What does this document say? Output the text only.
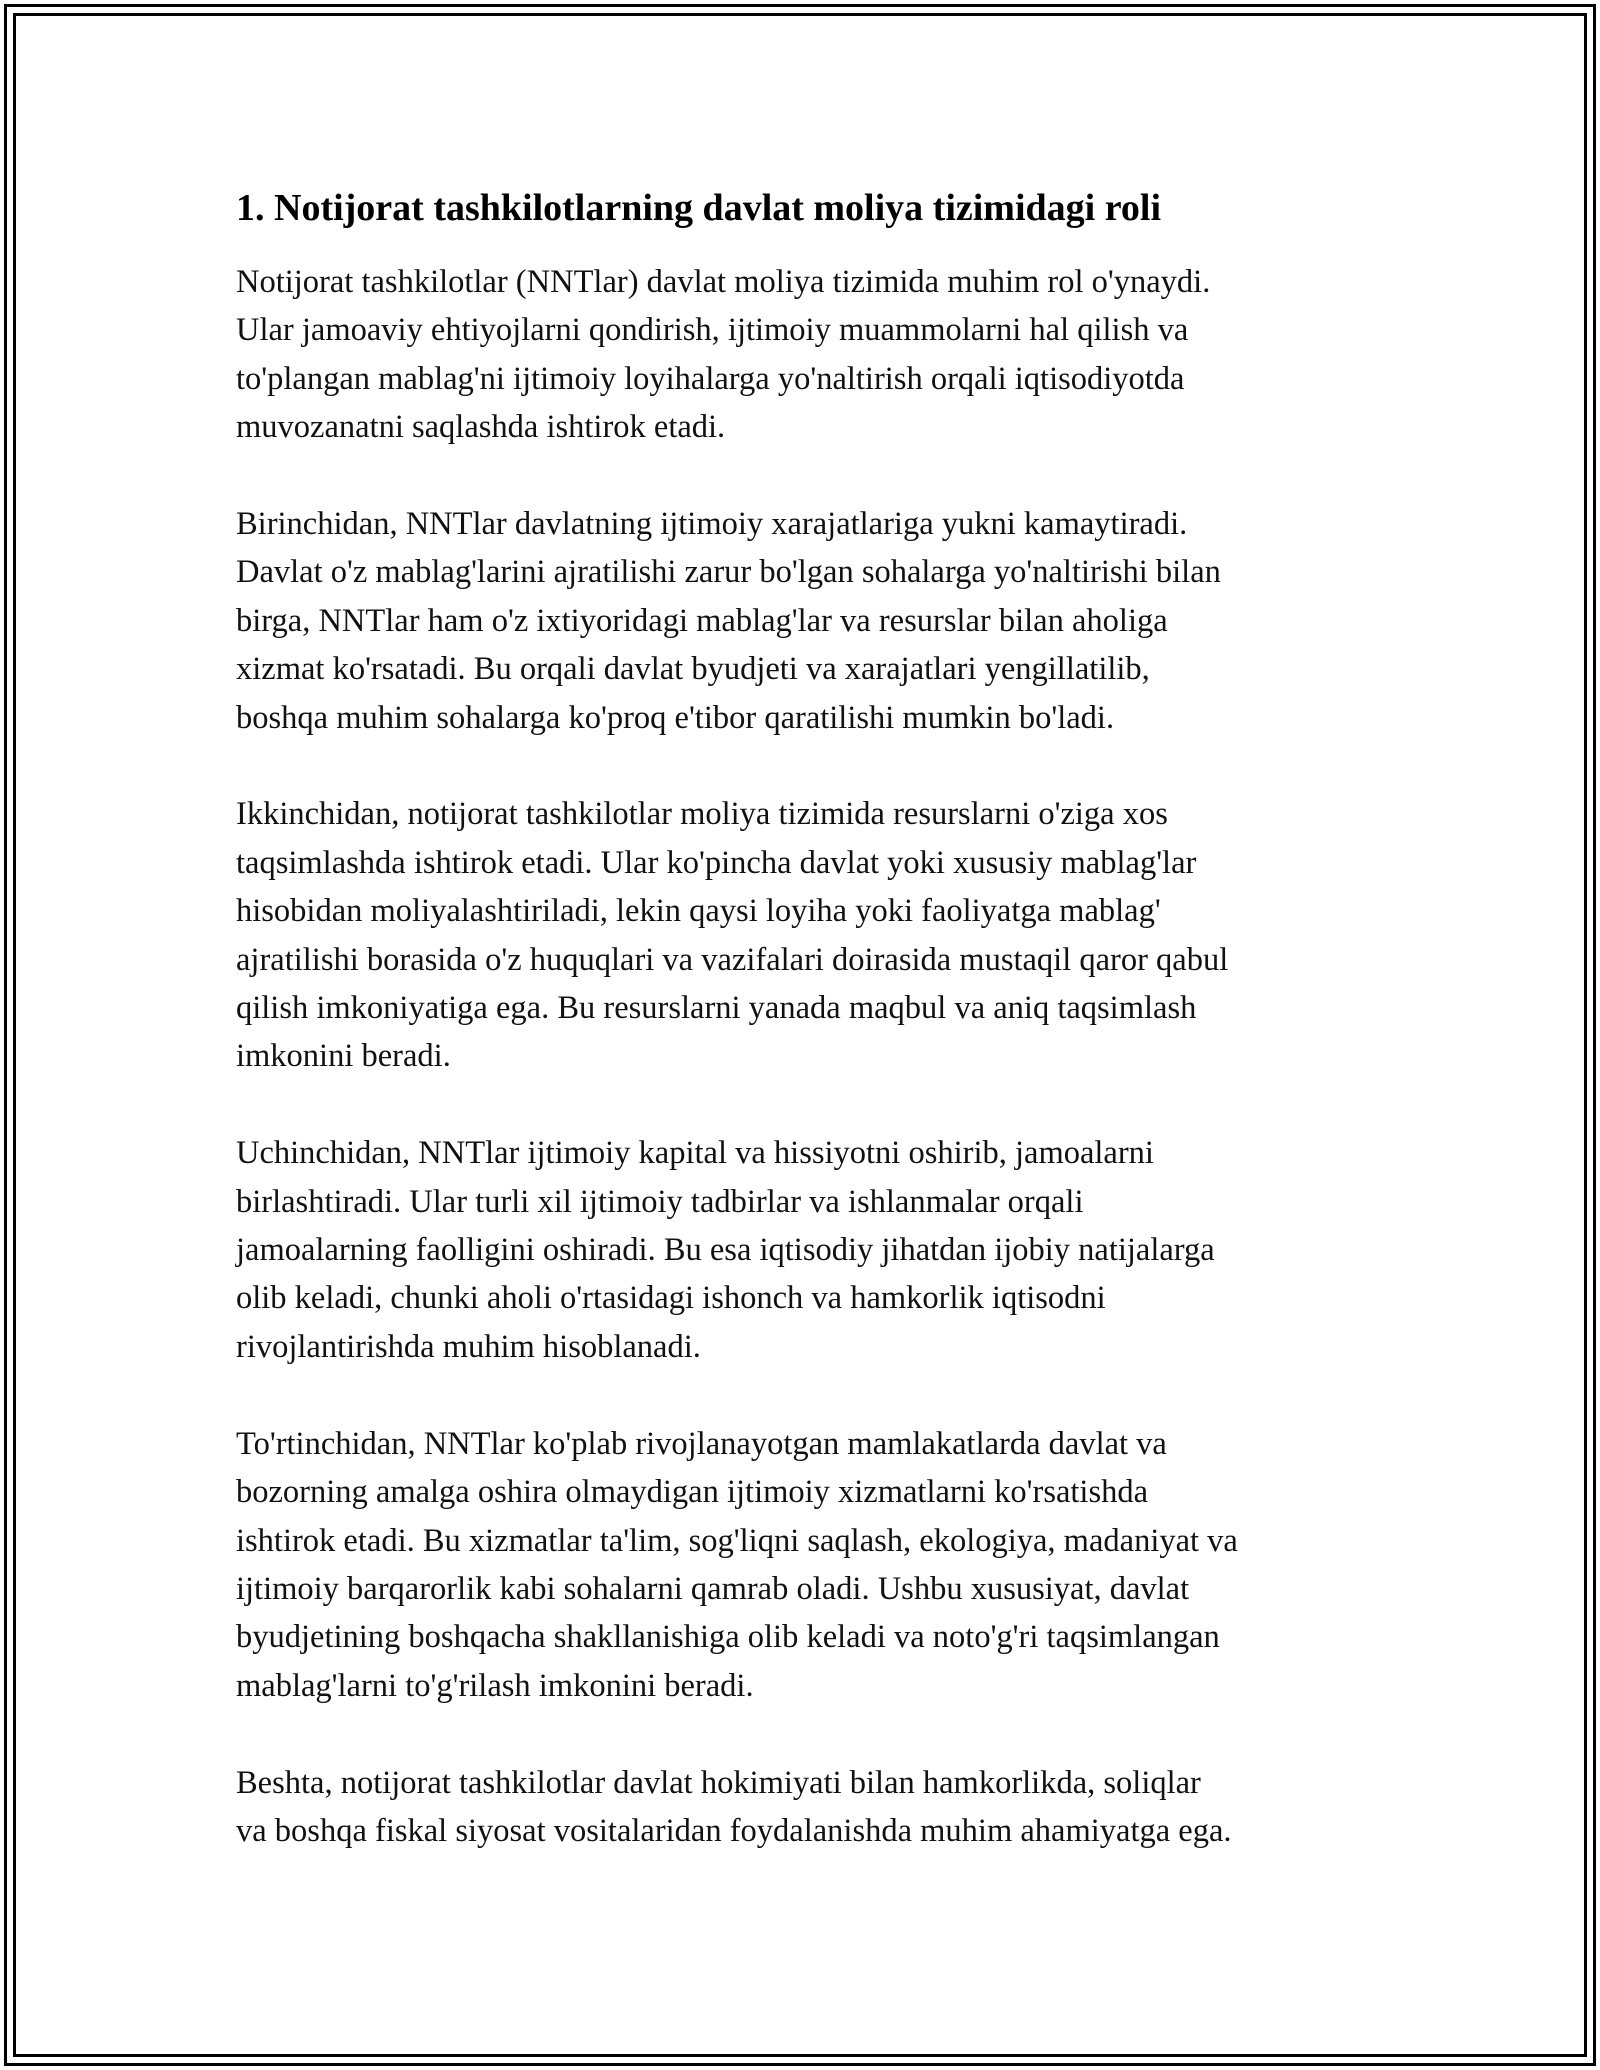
1. Notijorat tashkilotlarning davlat moliya tizimidagi roli

Notijorat tashkilotlar (NNTlar) davlat moliya tizimida muhim rol o'ynaydi.
Ular jamoaviy ehtiyojlarni qondirish, ijtimoiy muammolarni hal qilish va
to'plangan mablag'ni ijtimoiy loyihalarga yo'naltirish orqali iqtisodiyotda
muvozanatni saqlashda ishtirok etadi.

Birinchidan, NNTlar davlatning ijtimoiy xarajatlariga yukni kamaytiradi.
Davlat o'z mablag'larini ajratilishi zarur bo'lgan sohalarga yo'naltirishi bilan
birga, NNTlar ham o'z ixtiyoridagi mablag'lar va resurslar bilan aholiga
xizmat ko'rsatadi. Bu orqali davlat byudjeti va xarajatlari yengillatilib,
boshqa muhim sohalarga ko'proq e'tibor qaratilishi mumkin bo'ladi.

Ikkinchidan, notijorat tashkilotlar moliya tizimida resurslarni o'ziga xos
taqsimlashda ishtirok etadi. Ular ko'pincha davlat yoki xususiy mablag'lar
hisobidan moliyalashtiriladi, lekin qaysi loyiha yoki faoliyatga mablag'
ajratilishi borasida o'z huquqlari va vazifalari doirasida mustaqil qaror qabul
qilish imkoniyatiga ega. Bu resurslarni yanada maqbul va aniq taqsimlash
imkonini beradi.

Uchinchidan, NNTlar ijtimoiy kapital va hissiyotni oshirib, jamoalarni
birlashtiradi. Ular turli xil ijtimoiy tadbirlar va ishlanmalar orqali
jamoalarning faolligini oshiradi. Bu esa iqtisodiy jihatdan ijobiy natijalarga
olib keladi, chunki aholi o'rtasidagi ishonch va hamkorlik iqtisodni
rivojlantirishda muhim hisoblanadi.

To'rtinchidan, NNTlar ko'plab rivojlanayotgan mamlakatlarda davlat va
bozorning amalga oshira olmaydigan ijtimoiy xizmatlarni ko'rsatishda
ishtirok etadi. Bu xizmatlar ta'lim, sog'liqni saqlash, ekologiya, madaniyat va
ijtimoiy barqarorlik kabi sohalarni qamrab oladi. Ushbu xususiyat, davlat
byudjetining boshqacha shakllanishiga olib keladi va noto'g'ri taqsimlangan
mablag'larni to'g'rilash imkonini beradi.

Beshta, notijorat tashkilotlar davlat hokimiyati bilan hamkorlikda, soliqlar
va boshqa fiskal siyosat vositalaridan foydalanishda muhim ahamiyatga ega.
